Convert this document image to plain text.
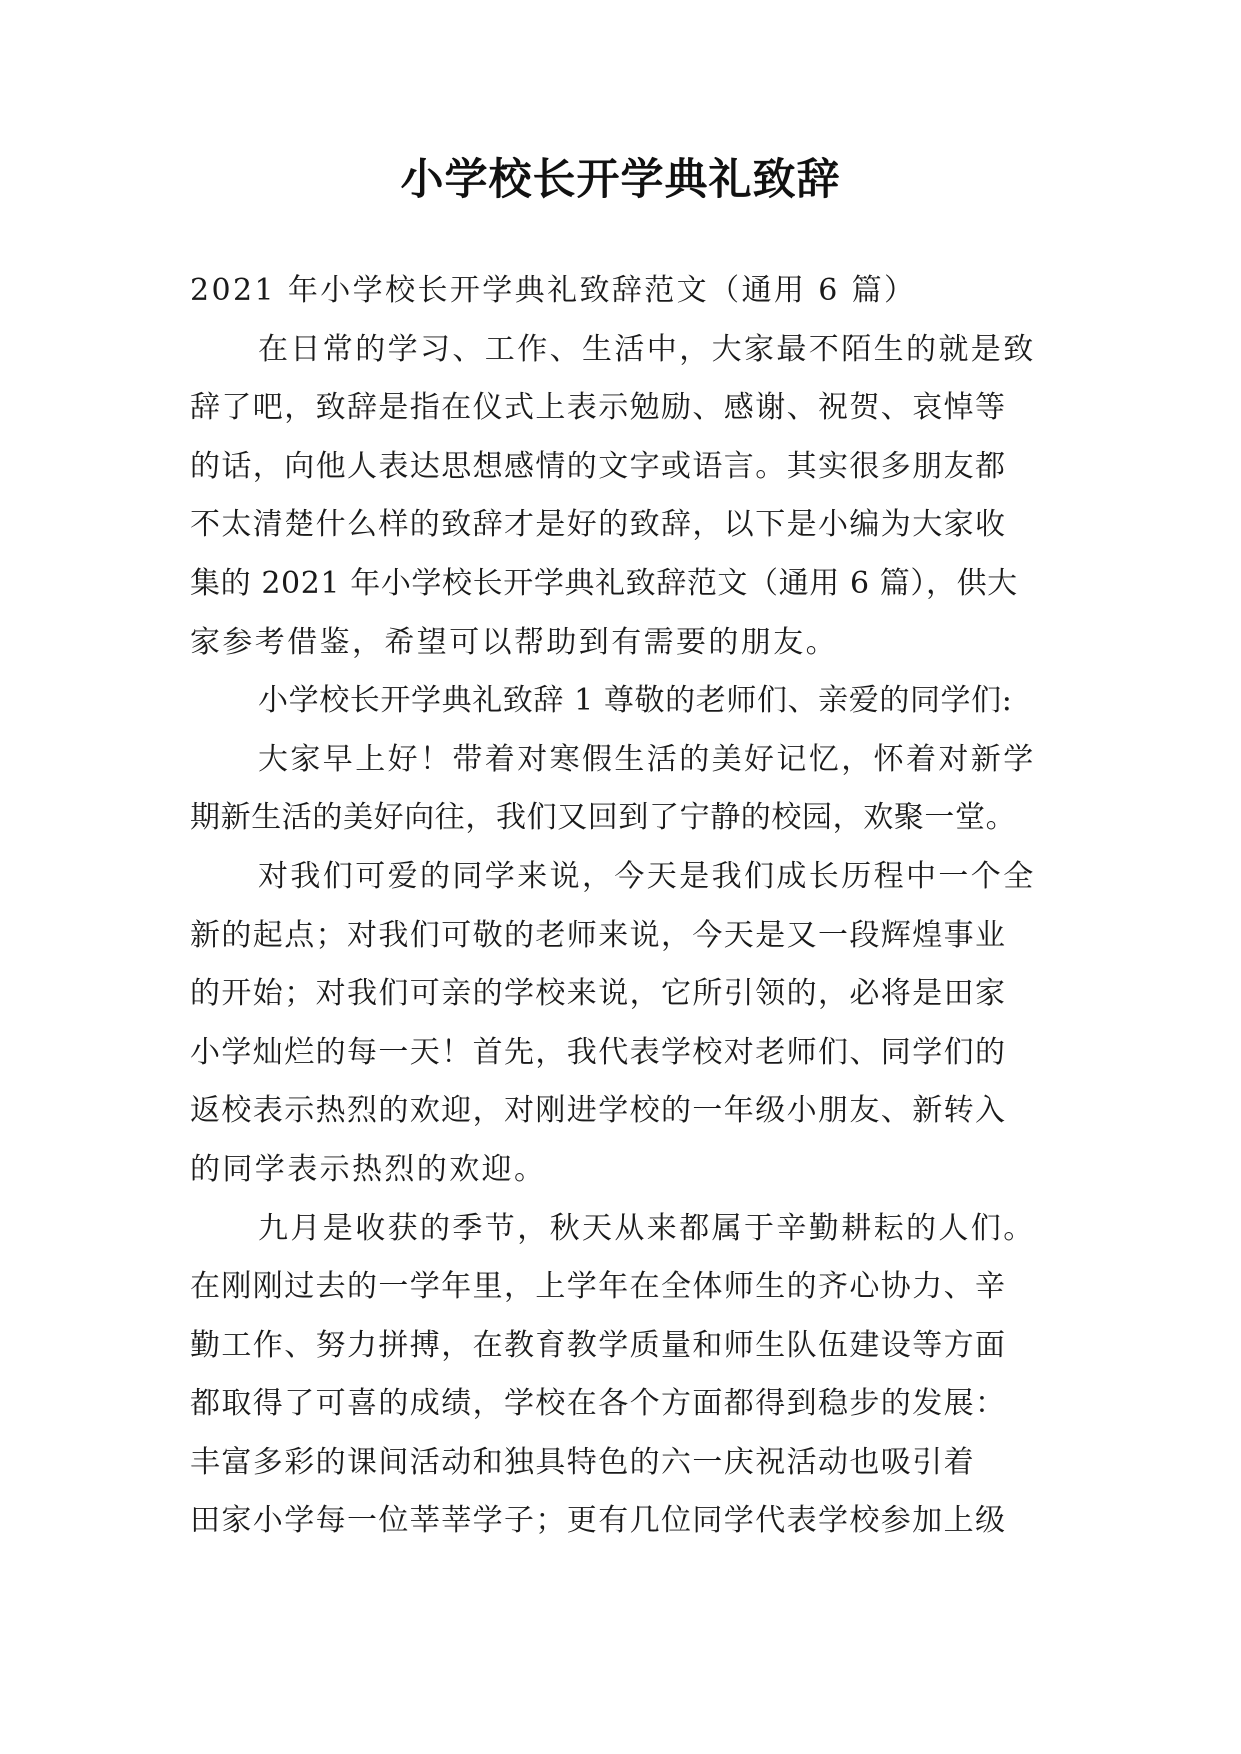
小学校长开学典礼致辞
2021 年小学校长开学典礼致辞范文（通用 6 篇）
在日常的学习、工作、生活中，大家最不陌生的就是致
辞了吧，致辞是指在仪式上表示勉励、感谢、祝贺、哀悼等
的话，向他人表达思想感情的文字或语言。其实很多朋友都
不太清楚什么样的致辞才是好的致辞，以下是小编为大家收
集的 2021 年小学校长开学典礼致辞范文（通用 6 篇），供大
家参考借鉴，希望可以帮助到有需要的朋友。
小学校长开学典礼致辞 1 尊敬的老师们、亲爱的同学们:
大家早上好！带着对寒假生活的美好记忆，怀着对新学
期新生活的美好向往，我们又回到了宁静的校园，欢聚一堂。
对我们可爱的同学来说，今天是我们成长历程中一个全
新的起点；对我们可敬的老师来说，今天是又一段辉煌事业
的开始；对我们可亲的学校来说，它所引领的，必将是田家
小学灿烂的每一天！首先，我代表学校对老师们、同学们的
返校表示热烈的欢迎，对刚进学校的一年级小朋友、新转入
的同学表示热烈的欢迎。
九月是收获的季节，秋天从来都属于辛勤耕耘的人们。
在刚刚过去的一学年里，上学年在全体师生的齐心协力、辛
勤工作、努力拼搏，在教育教学质量和师生队伍建设等方面
都取得了可喜的成绩，学校在各个方面都得到稳步的发展：
丰富多彩的课间活动和独具特色的六一庆祝活动也吸引着
田家小学每一位莘莘学子；更有几位同学代表学校参加上级
